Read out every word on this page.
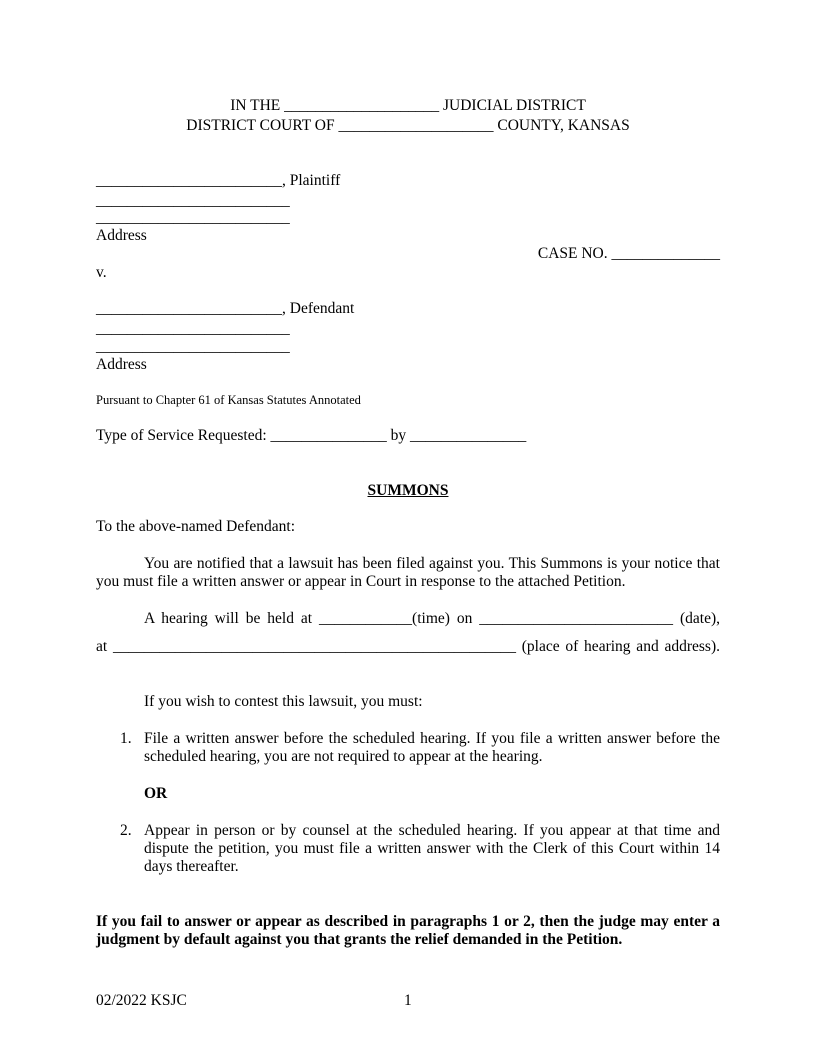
IN THE ____________________ JUDICIAL DISTRICT
DISTRICT COURT OF ____________________ COUNTY, KANSAS
________________________, Plaintiff
_________________________
_________________________
Address
CASE NO. ______________
v.
________________________, Defendant
_________________________
_________________________
Address
Pursuant to Chapter 61 of Kansas Statutes Annotated
Type of Service Requested: _______________ by _______________
SUMMONS
To the above-named Defendant:
You are notified that a lawsuit has been filed against you. This Summons is your notice that you must file a written answer or appear in Court in response to the attached Petition.
A hearing will be held at ____________(time) on _________________________ (date),
at ____________________________________________________ (place of hearing and address).
If you wish to contest this lawsuit, you must:
1. File a written answer before the scheduled hearing. If you file a written answer before the scheduled hearing, you are not required to appear at the hearing.
OR
2. Appear in person or by counsel at the scheduled hearing. If you appear at that time and dispute the petition, you must file a written answer with the Clerk of this Court within 14 days thereafter.
If you fail to answer or appear as described in paragraphs 1 or 2, then the judge may enter a judgment by default against you that grants the relief demanded in the Petition.
02/2022 KSJC	1
